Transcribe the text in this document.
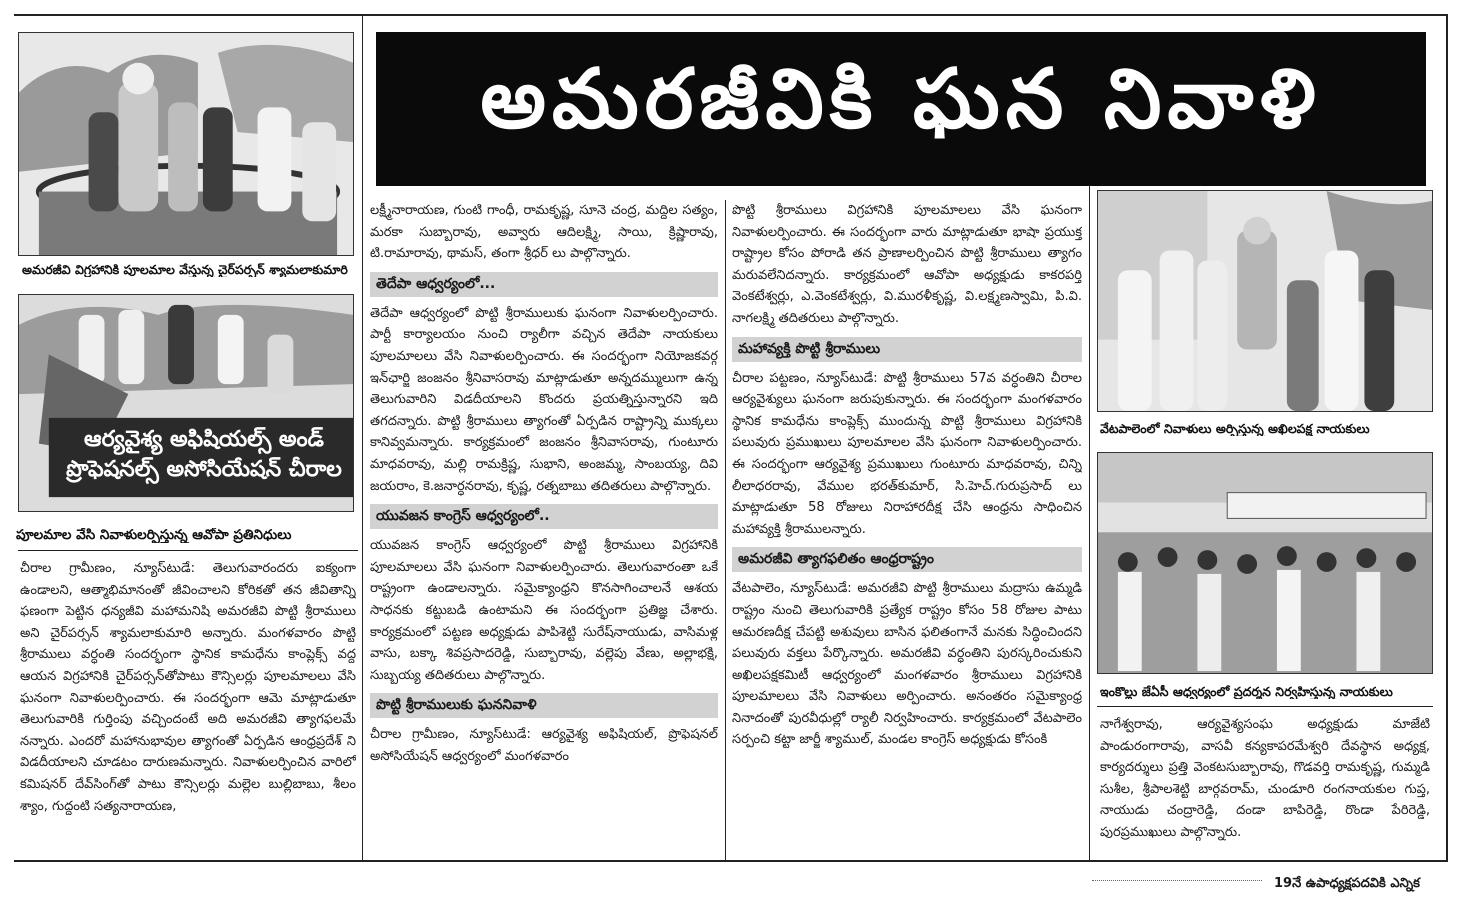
అమరజీవి విగ్రహానికి పూలమాల వేస్తున్న చైర్‌పర్సన్ శ్యామలాకుమారి
ఆర్యవైశ్య అఫిషియల్స్ అండ్ ప్రొఫెషనల్స్ అసోసియేషన్ చీరాల
పూలమాల వేసి నివాళులర్పిస్తున్న ఆవోపా ప్రతినిధులు
అమరజీవికి ఘన నివాళి

చీరాల గ్రామీణం, న్యూస్‌టుడే: తెలుగువారందరు ఐక్యంగా ఉండాలని, ఆత్మాభిమానంతో జీవించాలని కోరికతో తన జీవితాన్ని ఫణంగా పెట్టిన ధన్యజీవి మహామనిషి అమరజీవి పొట్టి శ్రీరాములు అని చైర్‌పర్సన్ శ్యామలాకుమారి అన్నారు. మంగళవారం పొట్టి శ్రీరాములు వర్ధంతి సందర్భంగా స్థానిక కామధేను కాంప్లెక్స్ వద్ద ఆయన విగ్రహానికి చైర్‌పర్సన్‌తోపాటు కౌన్సిలర్లు పూలమాలలు వేసి ఘనంగా నివాళులర్పించారు. ఈ సందర్భంగా ఆమె మాట్లాడుతూ తెలుగువారికి గుర్తింపు వచ్చిందంటే అది అమరజీవి త్యాగఫలమే నన్నారు. ఎందరో మహానుభావుల త్యాగంతో ఏర్పడిన ఆంధ్రప్రదేశ్ ని విడదీయాలని చూడటం దారుణమన్నారు. నివాళులర్పించిన వారిలో కమిషనర్ దేవ్‌సింగ్‌తో పాటు కౌన్సిలర్లు మల్లెల బుల్లిబాబు, శీలం శ్యాం, గుద్దంటి సత్యనారాయణ,

లక్ష్మీనారాయణ, గుంటి గాంధీ, రామకృష్ణ, సూనె చంద్ర, మద్దిల సత్యం, మరకా సుబ్బారావు, అవ్వారు ఆదిలక్ష్మి, సాయి, క్రిష్ణారావు, టి.రామారావు, థామస్, తంగా శ్రీధర్ లు పాల్గొన్నారు.

తెదేపా ఆధ్వర్యంలో...

తెదేపా ఆధ్వర్యంలో పొట్టి శ్రీరాములుకు ఘనంగా నివాళులర్పించారు. పార్టీ కార్యాలయం నుంచి ర్యాలీగా వచ్చిన తెదేపా నాయకులు పూలమాలలు వేసి నివాళులర్పించారు. ఈ సందర్భంగా నియోజకవర్గ ఇన్‌ఛార్జి జంజనం శ్రీనివాసరావు మాట్లాడుతూ అన్నదమ్ములుగా ఉన్న తెలుగువారిని విడదీయాలని కొందరు ప్రయత్నిస్తున్నారని ఇది తగదన్నారు. పొట్టి శ్రీరాములు త్యాగంతో ఏర్పడిన రాష్ట్రాన్ని ముక్కలు కానివ్వమన్నారు. కార్యక్రమంలో జంజనం శ్రీనివాసరావు, గుంటూరు మాధవరావు, మల్లి రామక్రిష్ణ, సుభాని, అంజమ్మ, సాంబయ్య, దివి జయరాం, కె.జనార్ధనరావు, కృష్ణ, రత్నబాబు తదితరులు పాల్గొన్నారు.

యువజన కాంగ్రెస్ ఆధ్వర్యంలో..

యువజన కాంగ్రెస్ ఆధ్వర్యంలో పొట్టి శ్రీరాములు విగ్రహానికి పూలమాలలు వేసి ఘనంగా నివాళులర్పించారు. తెలుగువారంతా ఒకే రాష్ట్రంగా ఉండాలన్నారు. సమైక్యాంధ్రని కొనసాగించాలనే ఆశయ సాధనకు కట్టుబడి ఉంటామని ఈ సందర్భంగా ప్రతిజ్ఞ చేశారు. కార్యక్రమంలో పట్టణ అధ్యక్షుడు పాపిశెట్టి సురేష్‌నాయుడు, వాసిమళ్ల వాసు, బక్కా శివప్రసాదరెడ్డి, సుబ్బారావు, వల్లెపు వేణు, అల్లాభక్షి, సుబ్బయ్య తదితరులు పాల్గొన్నారు.

పొట్టి శ్రీరాములుకు ఘననివాళి

చీరాల గ్రామీణం, న్యూస్‌టుడే: ఆర్యవైశ్య అఫిషియల్, ప్రొఫెషనల్ అసోసియేషన్ ఆధ్వర్యంలో మంగళవారం

పొట్టి శ్రీరాములు విగ్రహానికి పూలమాలలు వేసి ఘనంగా నివాళులర్పించారు. ఈ సందర్భంగా వారు మాట్లాడుతూ భాషా ప్రయుక్త రాష్ట్రాల కోసం పోరాడి తన ప్రాణాలర్పించిన పొట్టి శ్రీరాములు త్యాగం మరువలేనిదన్నారు. కార్యక్రమంలో ఆవోపా అధ్యక్షుడు కాకరపర్తి వెంకటేశ్వర్లు, ఎ.వెంకటేశ్వర్లు, వి.మురళీకృష్ణ, వి.లక్ష్మణస్వామి, పి.వి. నాగలక్ష్మి తదితరులు పాల్గొన్నారు.

మహావ్యక్తి పొట్టి శ్రీరాములు

చీరాల పట్టణం, న్యూస్‌టుడే: పొట్టి శ్రీరాములు 57వ వర్ధంతిని చీరాల ఆర్యవైశ్యులు ఘనంగా జరుపుకున్నారు. ఈ సందర్భంగా మంగళవారం స్థానిక కామధేను కాంప్లెక్స్ ముందున్న పొట్టి శ్రీరాములు విగ్రహానికి పలువురు ప్రముఖులు పూలమాలల వేసి ఘనంగా నివాళులర్పించారు. ఈ సందర్భంగా ఆర్యవైశ్య ప్రముఖులు గుంటూరు మాధవరావు, చిన్ని లీలాధరరావు, వేముల భరత్‌కుమార్, సి.హెచ్.గురుప్రసాద్ లు మాట్లాడుతూ 58 రోజులు నిరాహారదీక్ష చేసి ఆంధ్రను సాధించిన మహావ్యక్తి శ్రీరాములన్నారు.

అమరజీవి త్యాగఫలితం ఆంధ్రరాష్ట్రం

వేటపాలెం, న్యూస్‌టుడే: అమరజీవి పొట్టి శ్రీరాములు మద్రాసు ఉమ్మడి రాష్ట్రం నుంచి తెలుగువారికి ప్రత్యేక రాష్ట్రం కోసం 58 రోజుల పాటు ఆమరణదీక్ష చేపట్టి అశువులు బాసిన ఫలితంగానే మనకు సిద్ధించిందని పలువురు వక్తలు పేర్కొన్నారు. అమరజీవి వర్ధంతిని పురస్కరించుకుని అఖిలపక్షకమిటీ ఆధ్వర్యంలో మంగళవారం శ్రీరాములు విగ్రహానికి పూలమాలలు వేసి నివాళులు అర్పించారు. అనంతరం సమైక్యాంధ్ర నినాదంతో పురవీధుల్లో ర్యాలీ నిర్వహించారు. కార్యక్రమంలో వేటపాలెం సర్పంచి కట్టా జార్జీ శ్యాముల్, మండల కాంగ్రెస్ అధ్యక్షుడు కోసంకి

వేటపాలెంలో నివాళులు అర్పిస్తున్న అఖిలపక్ష నాయకులు
ఇంకొల్లు జేఏసీ ఆధ్వర్యంలో ప్రదర్శన నిర్వహిస్తున్న నాయకులు

నాగేశ్వరావు, ఆర్యవైశ్యసంఘ అధ్యక్షుడు మాజేటి పాండురంగారావు, వాసవీ కన్యకాపరమేశ్వరి దేవస్థాన అధ్యక్ష, కార్యదర్శులు ప్రత్తి వెంకటసుబ్బారావు, గొడవర్తి రామకృష్ణ, గుమ్మడి సుశీల, శ్రీపాలశెట్టి బార్గవరామ్, చుండూరి రంగనాయకుల గుప్త, నాయుడు చంద్రారెడ్డి, దండా బాపిరెడ్డి, రొండా పేరిరెడ్డి, పురప్రముఖులు పాల్గొన్నారు.

19నే ఉపాధ్యక్షపదవికి ఎన్నిక
